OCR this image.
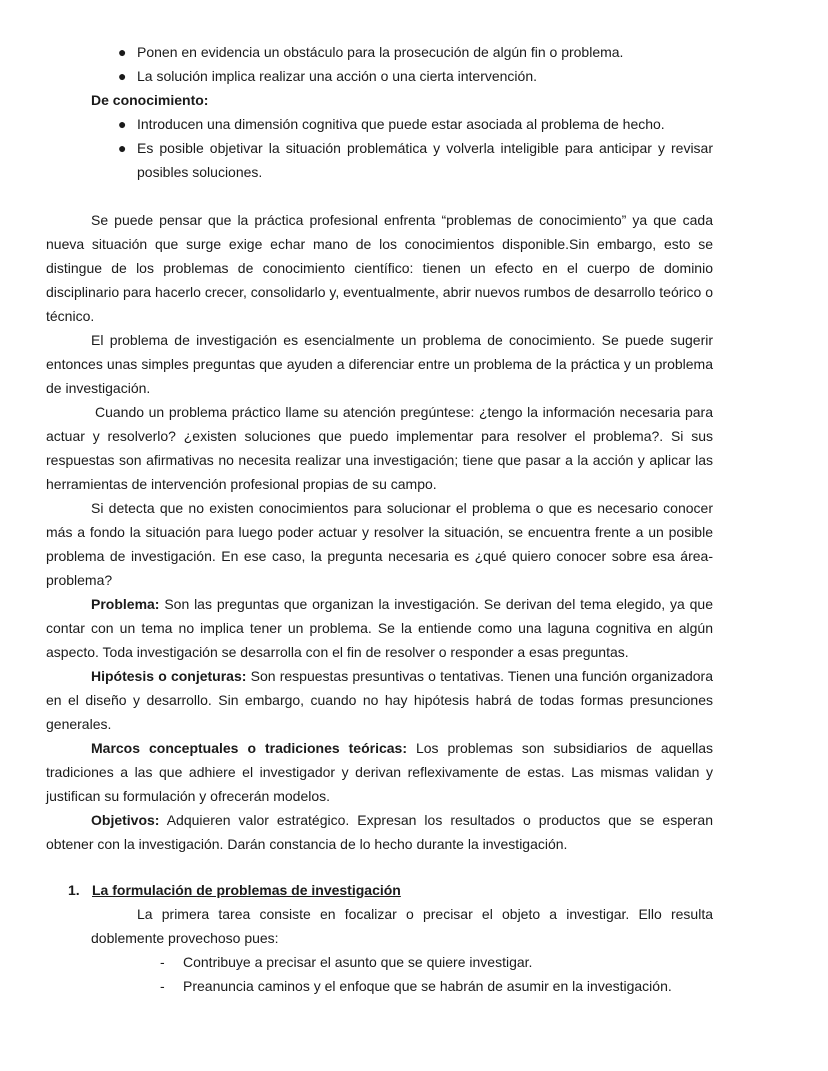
● Ponen en evidencia un obstáculo para la prosecución de algún fin o problema.
● La solución implica realizar una acción o una cierta intervención.
De conocimiento:
● Introducen una dimensión cognitiva que puede estar asociada al problema de hecho.
● Es posible objetivar la situación problemática y volverla inteligible para anticipar y revisar posibles soluciones.

Se puede pensar que la práctica profesional enfrenta “problemas de conocimiento” ya que cada nueva situación que surge exige echar mano de los conocimientos disponible.Sin embargo, esto se distingue de los problemas de conocimiento científico: tienen un efecto en el cuerpo de dominio disciplinario para hacerlo crecer, consolidarlo y, eventualmente, abrir nuevos rumbos de desarrollo teórico o técnico.

El problema de investigación es esencialmente un problema de conocimiento. Se puede sugerir entonces unas simples preguntas que ayuden a diferenciar entre un problema de la práctica y un problema de investigación.

Cuando un problema práctico llame su atención pregúntese: ¿tengo la información necesaria para actuar y resolverlo? ¿existen soluciones que puedo implementar para resolver el problema?. Si sus respuestas son afirmativas no necesita realizar una investigación; tiene que pasar a la acción y aplicar las herramientas de intervención profesional propias de su campo.

Si detecta que no existen conocimientos para solucionar el problema o que es necesario conocer más a fondo la situación para luego poder actuar y resolver la situación, se encuentra frente a un posible problema de investigación. En ese caso, la pregunta necesaria es ¿qué quiero conocer sobre esa área-problema?

Problema: Son las preguntas que organizan la investigación. Se derivan del tema elegido, ya que contar con un tema no implica tener un problema. Se la entiende como una laguna cognitiva en algún aspecto. Toda investigación se desarrolla con el fin de resolver o responder a esas preguntas.

Hipótesis o conjeturas: Son respuestas presuntivas o tentativas. Tienen una función organizadora en el diseño y desarrollo. Sin embargo, cuando no hay hipótesis habrá de todas formas presunciones generales.

Marcos conceptuales o tradiciones teóricas: Los problemas son subsidiarios de aquellas tradiciones a las que adhiere el investigador y derivan reflexivamente de estas. Las mismas validan y justifican su formulación y ofrecerán modelos.

Objetivos: Adquieren valor estratégico. Expresan los resultados o productos que se esperan obtener con la investigación. Darán constancia de lo hecho durante la investigación.

1. La formulación de problemas de investigación

La primera tarea consiste en focalizar o precisar el objeto a investigar. Ello resulta doblemente provechoso pues:

- Contribuye a precisar el asunto que se quiere investigar.
- Preanuncia caminos y el enfoque que se habrán de asumir en la investigación.
